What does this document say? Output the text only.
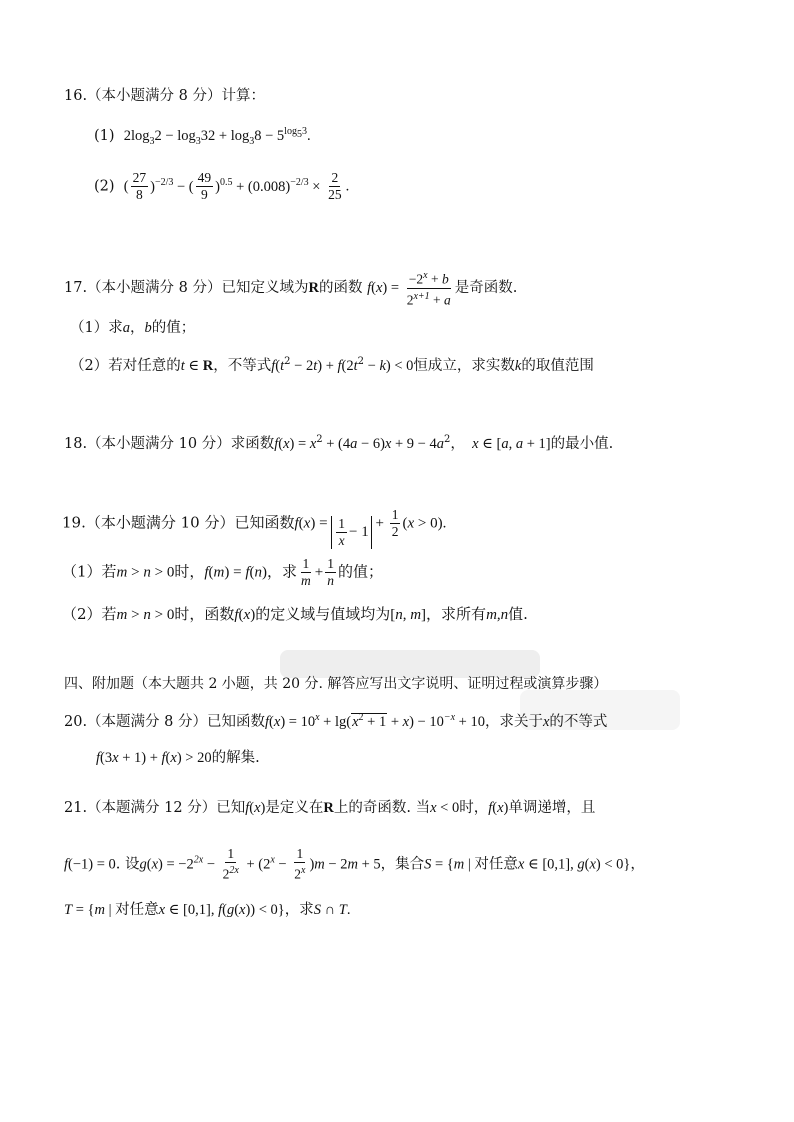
16.（本小题满分 8 分）计算：
(1) $2\log_32 - \log_332 + \log_38 - 5^{log_53}$.
(2) ( $\frac{27}{8} )^{-2/3}$ − ( $\frac{49}{9} )^{0.5} + (0.008)^{-2/3} \times \frac{2}{25}$ .
17.（本小题满分 8 分）已知定义域为R的函数 $f(x) = \frac{-2^x + b}{2^{x+1} + a}$ 是奇函数.
（1）求a，b的值；
（2）若对任意的t ∈ R，不等式$f(t^2 - 2t) + f(2t^2 - k) < 0$恒成立，求实数k的取值范围
18.（本小题满分 10 分）求函数$f(x) = x^2 + (4a - 6)x + 9 - 4a^2$，  x ∈ [a, a + 1]的最小值.
19.（本小题满分 10 分）已知函数$f(x) = \frac{1}{x} - 1$
+ $\frac{1}{2} (x > 0)$.
（1）若m > n > 0时，f(m) = f(n)，求 $\frac{1}{m} + \frac{1}{n}$ 的值；
（2）若m > n > 0时，函数f(x)的定义域与值域均为[n, m]，求所有m,n值.
四、附加题（本大题共 2 小题，共 20 分. 解答应写出文字说明、证明过程或演算步骤）
20.（本题满分 8 分）已知函数$f(x) = 10^x + \lg(x^2 + 1 + x) - 10^{-x} + 10$，求关于x的不等式
f(3x + 1) + f(x) > 20的解集.
21.（本题满分 12 分）已知f(x)是定义在R上的奇函数. 当x < 0时，f(x)单调递增，且
f(−1) = 0. 设$g(x) = -2^{2x} - \frac{1}{2^{2x}} + (2^x - \frac{1}{2^x} )m - 2m + 5$，集合S = {m | 对任意x ∈ [0,1], g(x) < 0}，
T = {m | 对任意x ∈ [0,1], f(g(x)) < 0}，求S ∩ T.
